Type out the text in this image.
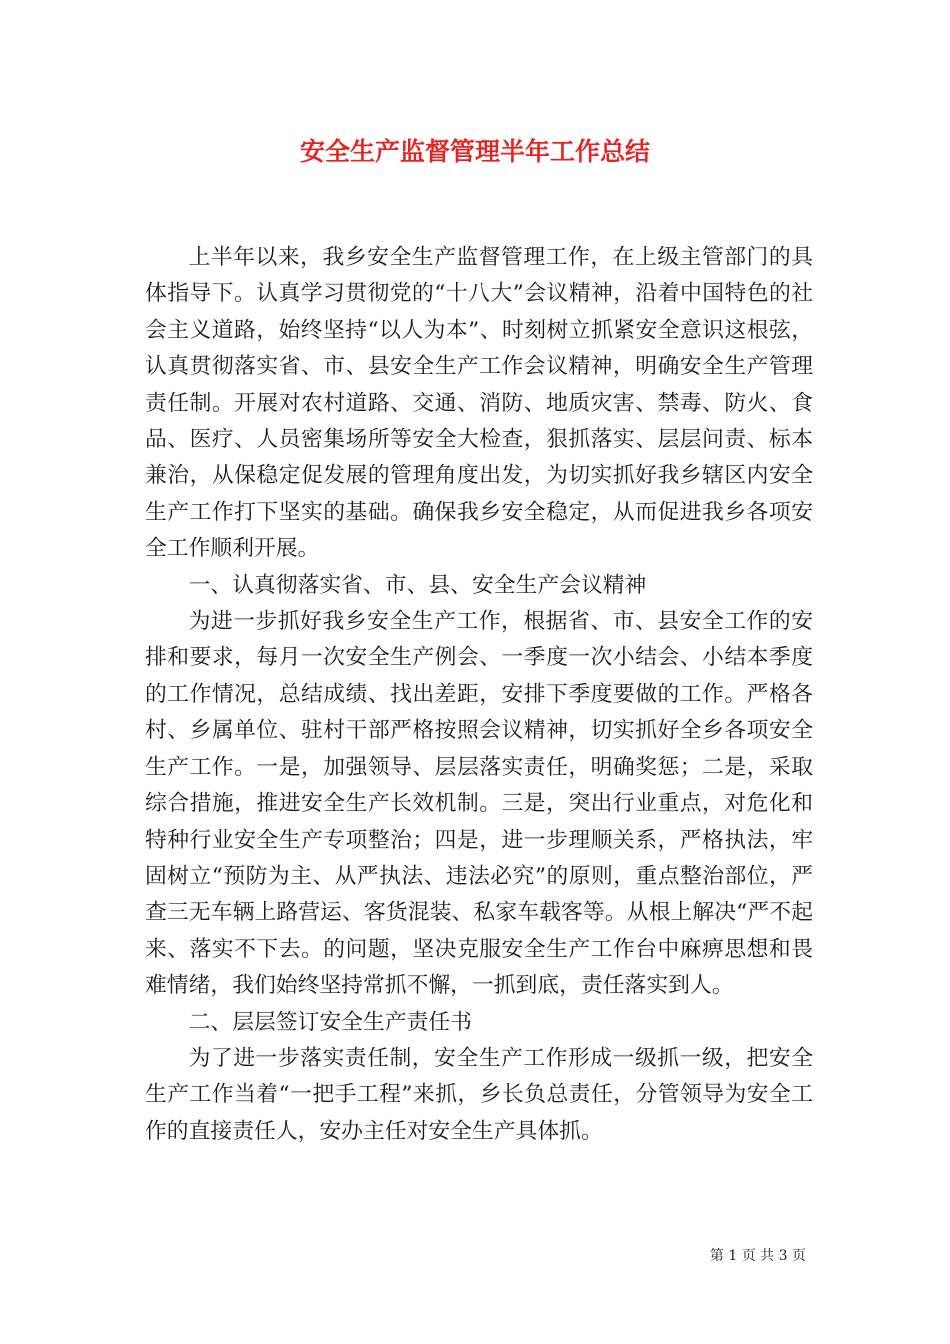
安全生产监督管理半年工作总结

上半年以来，我乡安全生产监督管理工作，在上级主管部门的具体指导下。认真学习贯彻党的“十八大”会议精神，沿着中国特色的社会主义道路，始终坚持“以人为本”、时刻树立抓紧安全意识这根弦，认真贯彻落实省、市、县安全生产工作会议精神，明确安全生产管理责任制。开展对农村道路、交通、消防、地质灾害、禁毒、防火、食品、医疗、人员密集场所等安全大检查，狠抓落实、层层问责、标本兼治，从保稳定促发展的管理角度出发，为切实抓好我乡辖区内安全生产工作打下坚实的基础。确保我乡安全稳定，从而促进我乡各项安全工作顺利开展。

一、认真彻落实省、市、县、安全生产会议精神

为进一步抓好我乡安全生产工作，根据省、市、县安全工作的安排和要求，每月一次安全生产例会、一季度一次小结会、小结本季度的工作情况，总结成绩、找出差距，安排下季度要做的工作。严格各村、乡属单位、驻村干部严格按照会议精神，切实抓好全乡各项安全生产工作。一是，加强领导、层层落实责任，明确奖惩；二是，采取综合措施，推进安全生产长效机制。三是，突出行业重点，对危化和特种行业安全生产专项整治；四是，进一步理顺关系，严格执法，牢固树立“预防为主、从严执法、违法必究”的原则，重点整治部位，严查三无车辆上路营运、客货混装、私家车载客等。从根上解决“严不起来、落实不下去。的问题，坚决克服安全生产工作台中麻痹思想和畏难情绪，我们始终坚持常抓不懈，一抓到底，责任落实到人。

二、层层签订安全生产责任书

为了进一步落实责任制，安全生产工作形成一级抓一级，把安全生产工作当着“一把手工程”来抓，乡长负总责任，分管领导为安全工作的直接责任人，安办主任对安全生产具体抓。

第 1 页 共 3 页
